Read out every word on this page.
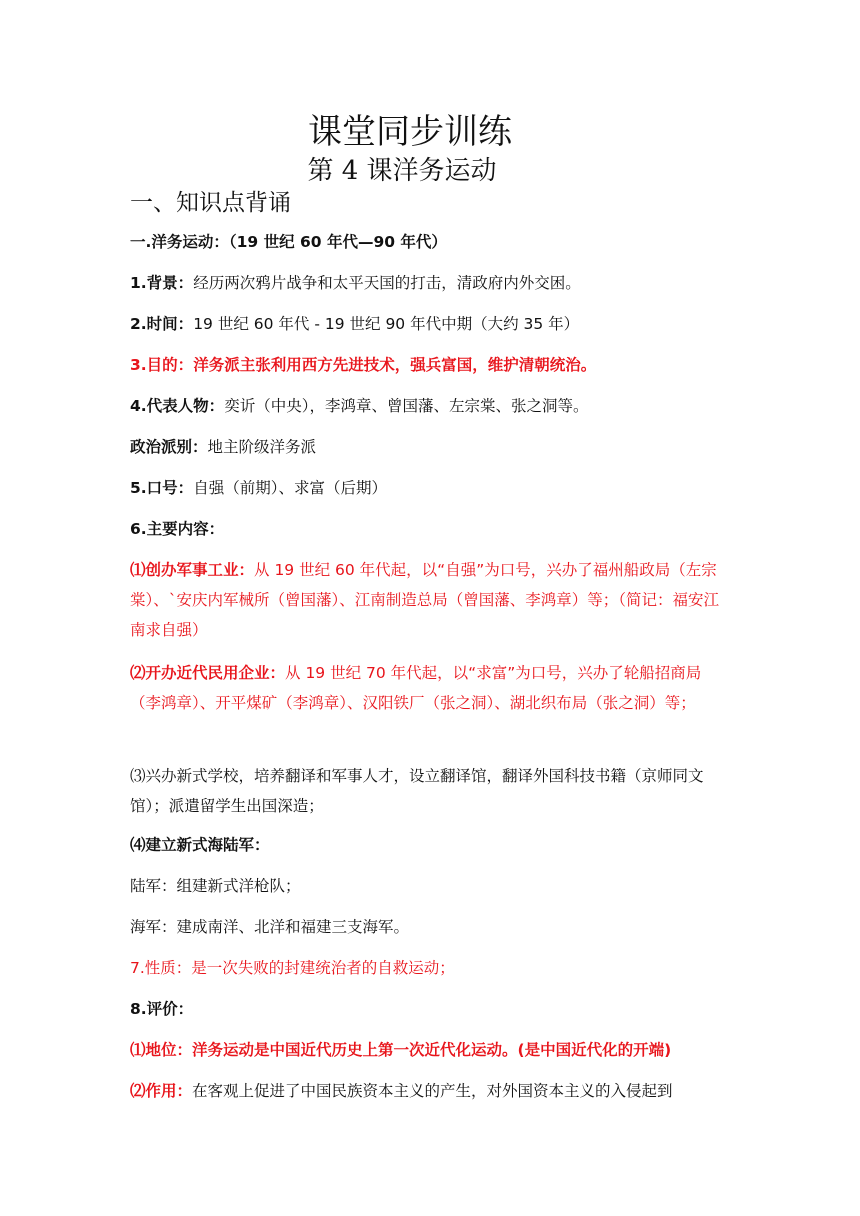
课堂同步训练
第 4 课洋务运动
一、知识点背诵
一.洋务运动：（19 世纪 60 年代—90 年代）
1.背景：经历两次鸦片战争和太平天国的打击，清政府内外交困。
2.时间：19 世纪 60 年代 - 19 世纪 90 年代中期（大约 35 年）
3.目的：洋务派主张利用西方先进技术，强兵富国，维护清朝统治。
4.代表人物：奕䜣（中央），李鸿章、曾国藩、左宗棠、张之洞等。
政治派别：地主阶级洋务派
5.口号：自强（前期）、求富（后期）
6.主要内容：
⑴创办军事工业：从 19 世纪 60 年代起，以“自强”为口号，兴办了福州船政局（左宗棠）、`安庆内军械所（曾国藩）、江南制造总局（曾国藩、李鸿章）等；（简记：福安江南求自强）
⑵开办近代民用企业：从 19 世纪 70 年代起，以“求富”为口号，兴办了轮船招商局（李鸿章）、开平煤矿（李鸿章）、汉阳铁厂（张之洞）、湖北织布局（张之洞）等；
⑶兴办新式学校，培养翻译和军事人才，设立翻译馆，翻译外国科技书籍（京师同文馆）；派遣留学生出国深造；
⑷建立新式海陆军：
陆军：组建新式洋枪队；
海军：建成南洋、北洋和福建三支海军。
7.性质：是一次失败的封建统治者的自救运动；
8.评价：
⑴地位：洋务运动是中国近代历史上第一次近代化运动。(是中国近代化的开端)
⑵作用：在客观上促进了中国民族资本主义的产生，对外国资本主义的入侵起到
